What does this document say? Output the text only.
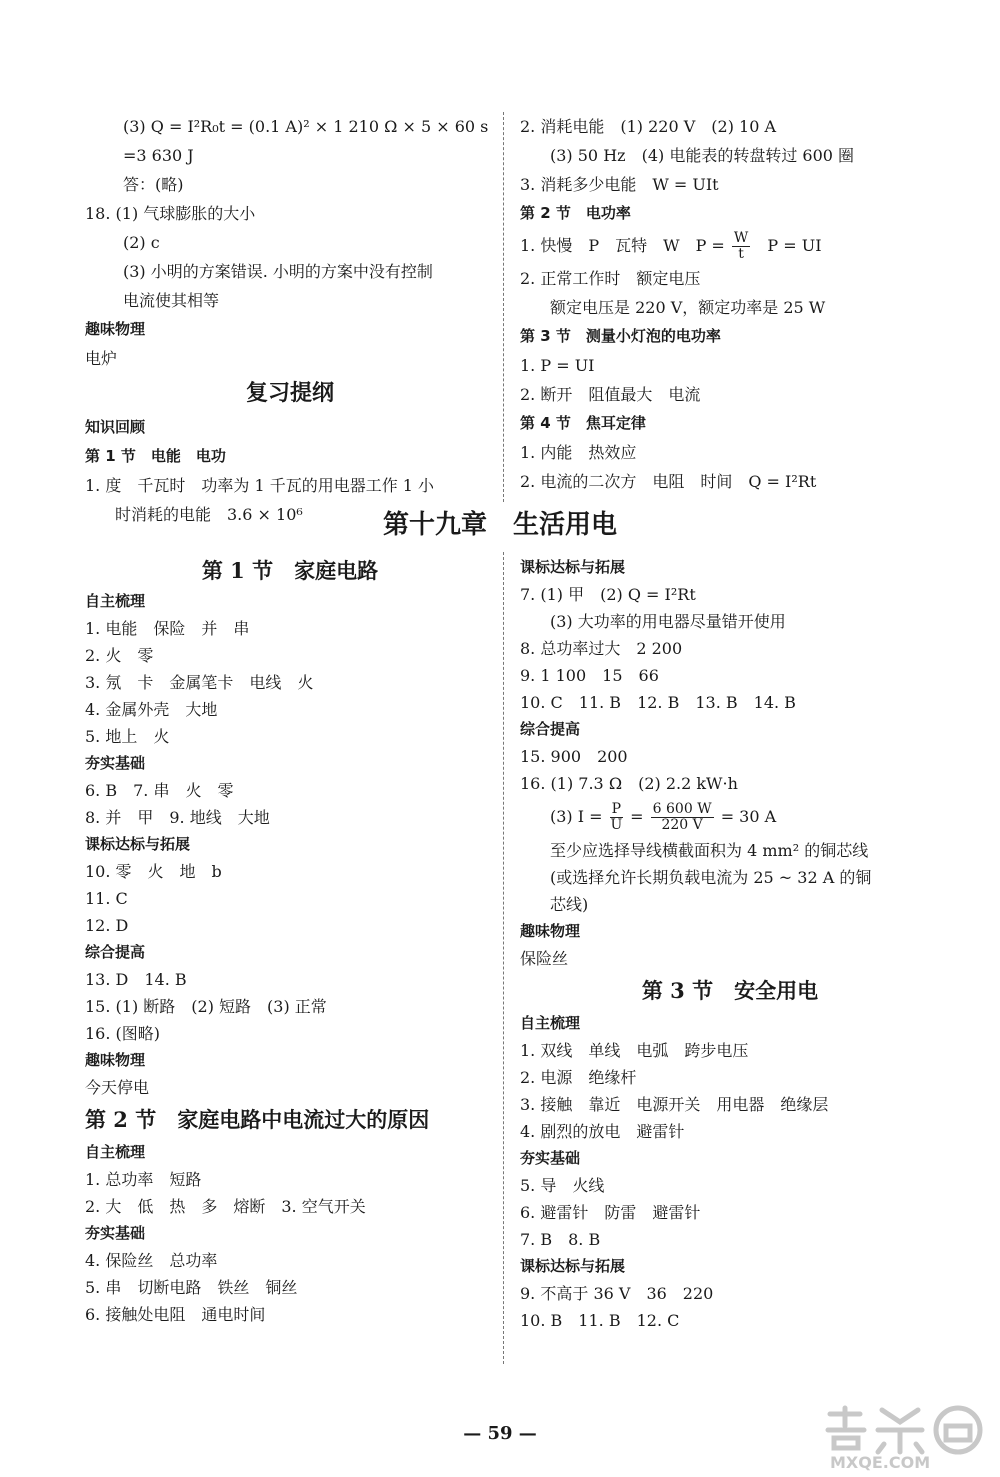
(3) Q = I²R₀t = (0.1 A)² × 1 210 Ω × 5 × 60 s
=3 630 J
答：(略)
18. (1) 气球膨胀的大小
(2) c
(3) 小明的方案错误. 小明的方案中没有控制
电流使其相等
趣味物理
电炉
复习提纲
知识回顾
第 1 节　电能　电功
1. 度　千瓦时　功率为 1 千瓦的用电器工作 1 小
时消耗的电能　3.6 × 10⁶
2. 消耗电能　(1) 220 V　(2) 10 A
(3) 50 Hz　(4) 电能表的转盘转过 600 圈
3. 消耗多少电能　W = UIt
第 2 节　电功率
1. 快慢　P　瓦特　W　$P = \frac{W}{t}$ P = UI
2. 正常工作时　额定电压
额定电压是 220 V，额定功率是 25 W
第 3 节　测量小灯泡的电功率
1. P = UI
2. 断开　阻值最大　电流
第 4 节　焦耳定律
1. 内能　热效应
2. 电流的二次方　电阻　时间　Q = I²Rt
第十九章　生活用电
第 1 节　家庭电路
自主梳理
1. 电能　保险　并　串
2. 火　零
3. 氖　卡　金属笔卡　电线　火
4. 金属外壳　大地
5. 地上　火
夯实基础
6. B　7. 串　火　零
8. 并　甲　9. 地线　大地
课标达标与拓展
10. 零　火　地　b
11. C
12. D
综合提高
13. D　14. B
15. (1) 断路　(2) 短路　(3) 正常
16. (图略)
趣味物理
今天停电
第 2 节　家庭电路中电流过大的原因
自主梳理
1. 总功率　短路
2. 大　低　热　多　熔断　3. 空气开关
夯实基础
4. 保险丝　总功率
5. 串　切断电路　铁丝　铜丝
6. 接触处电阻　通电时间
课标达标与拓展
7. (1) 甲　(2) Q = I²Rt
(3) 大功率的用电器尽量错开使用
8. 总功率过大　2 200
9. 1 100　15　66
10. C　11. B　12. B　13. B　14. B
综合提高
15. 900　200
16. (1) 7.3 Ω　(2) 2.2 kW·h
(3) $I = \frac{P}{U} = \frac{6 600 W}{220 V} = 30$ A
至少应选择导线横截面积为 4 mm² 的铜芯线
(或选择允许长期负载电流为 25 ~ 32 A 的铜
芯线)
趣味物理
保险丝
第 3 节　安全用电
自主梳理
1. 双线　单线　电弧　跨步电压
2. 电源　绝缘杆
3. 接触　靠近　电源开关　用电器　绝缘层
4. 剧烈的放电　避雷针
夯实基础
5. 导　火线
6. 避雷针　防雷　避雷针
7. B　8. B
课标达标与拓展
9. 不高于 36 V　36　220
10. B　11. B　12. C
— 59 —
MXQE.COM
